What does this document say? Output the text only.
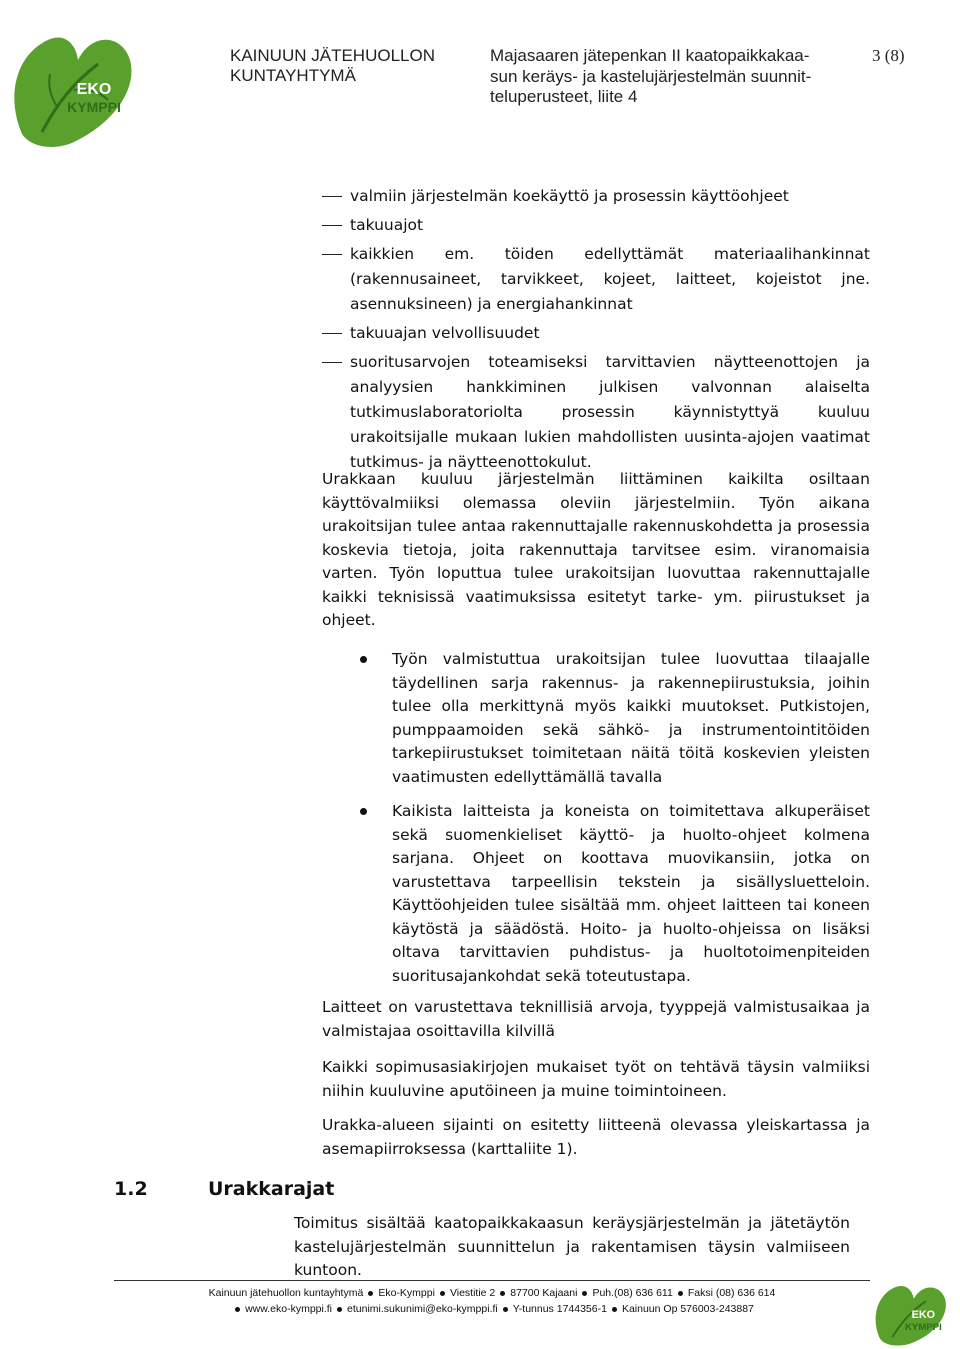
EKO
KYMPPI
KAINUUN JÄTEHUOLLON
KUNTAYHTYMÄ
Majasaaren jätepenkan II kaatopaikkakaa-
sun keräys- ja kastelujärjestelmän suunnit-
teluperusteet, liite 4
3 (8)
valmiin järjestelmän koekäyttö ja prosessin käyttöohjeet
takuuajot
kaikkien em. töiden edellyttämät materiaalihankinnat (rakennusaineet, tarvikkeet, kojeet, laitteet, kojeistot jne. asennuksineen) ja energiahankinnat
takuuajan velvollisuudet
suoritusarvojen toteamiseksi tarvittavien näytteenottojen ja analyysien hankkiminen julkisen valvonnan alaiselta tutkimuslaboratoriolta prosessin käynnistyttyä kuuluu urakoitsijalle mukaan lukien mahdollisten uusinta-ajojen vaatimat tutkimus- ja näytteenottokulut.

Urakkaan kuuluu järjestelmän liittäminen kaikilta osiltaan käyttövalmiiksi olemassa oleviin järjestelmiin. Työn aikana urakoitsijan tulee antaa rakennuttajalle rakennuskohdetta ja prosessia koskevia tietoja, joita rakennuttaja tarvitsee esim. viranomaisia varten. Työn loputtua tulee urakoitsijan luovuttaa rakennuttajalle kaikki teknisissä vaatimuksissa esitetyt tarke- ym. piirustukset ja ohjeet.

Työn valmistuttua urakoitsijan tulee luovuttaa tilaajalle täydellinen sarja rakennus- ja rakennepiirustuksia, joihin tulee olla merkittynä myös kaikki muutokset. Putkistojen, pumppaamoiden sekä sähkö- ja instrumentointitöiden tarkepiirustukset toimitetaan näitä töitä koskevien yleisten vaatimusten edellyttämällä tavalla
Kaikista laitteista ja koneista on toimitettava alkuperäiset sekä suomenkieliset käyttö- ja huolto-ohjeet kolmena sarjana. Ohjeet on koottava muovikansiin, jotka on varustettava tarpeellisin tekstein ja sisällysluetteloin. Käyttöohjeiden tulee sisältää mm. ohjeet laitteen tai koneen käytöstä ja säädöstä. Hoito- ja huolto-ohjeissa on lisäksi oltava tarvittavien puhdistus- ja huoltotoimenpiteiden suoritusajankohdat sekä toteutustapa.

Laitteet on varustettava teknillisiä arvoja, tyyppejä valmistusaikaa ja valmistajaa osoittavilla kilvillä

Kaikki sopimusasiakirjojen mukaiset työt on tehtävä täysin valmiiksi niihin kuuluvine aputöineen ja muine toimintoineen.

Urakka-alueen sijainti on esitetty liitteenä olevassa yleiskartassa ja asemapiirroksessa (karttaliite 1).

1.2	Urakkarajat

Toimitus sisältää kaatopaikkakaasun keräysjärjestelmän ja jätetäytön kastelujärjestelmän suunnittelun ja rakentamisen täysin valmiiseen kuntoon.

Kainuun jätehuollon kuntayhtymä Eko-Kymppi Viestitie 2 87700 Kajaani Puh.(08) 636 611 Faksi (08) 636 614
www.eko-kymppi.fi etunimi.sukunimi@eko-kymppi.fi Y-tunnus 1744356-1 Kainuun Op 576003-243887	EKO
KYMPPI
